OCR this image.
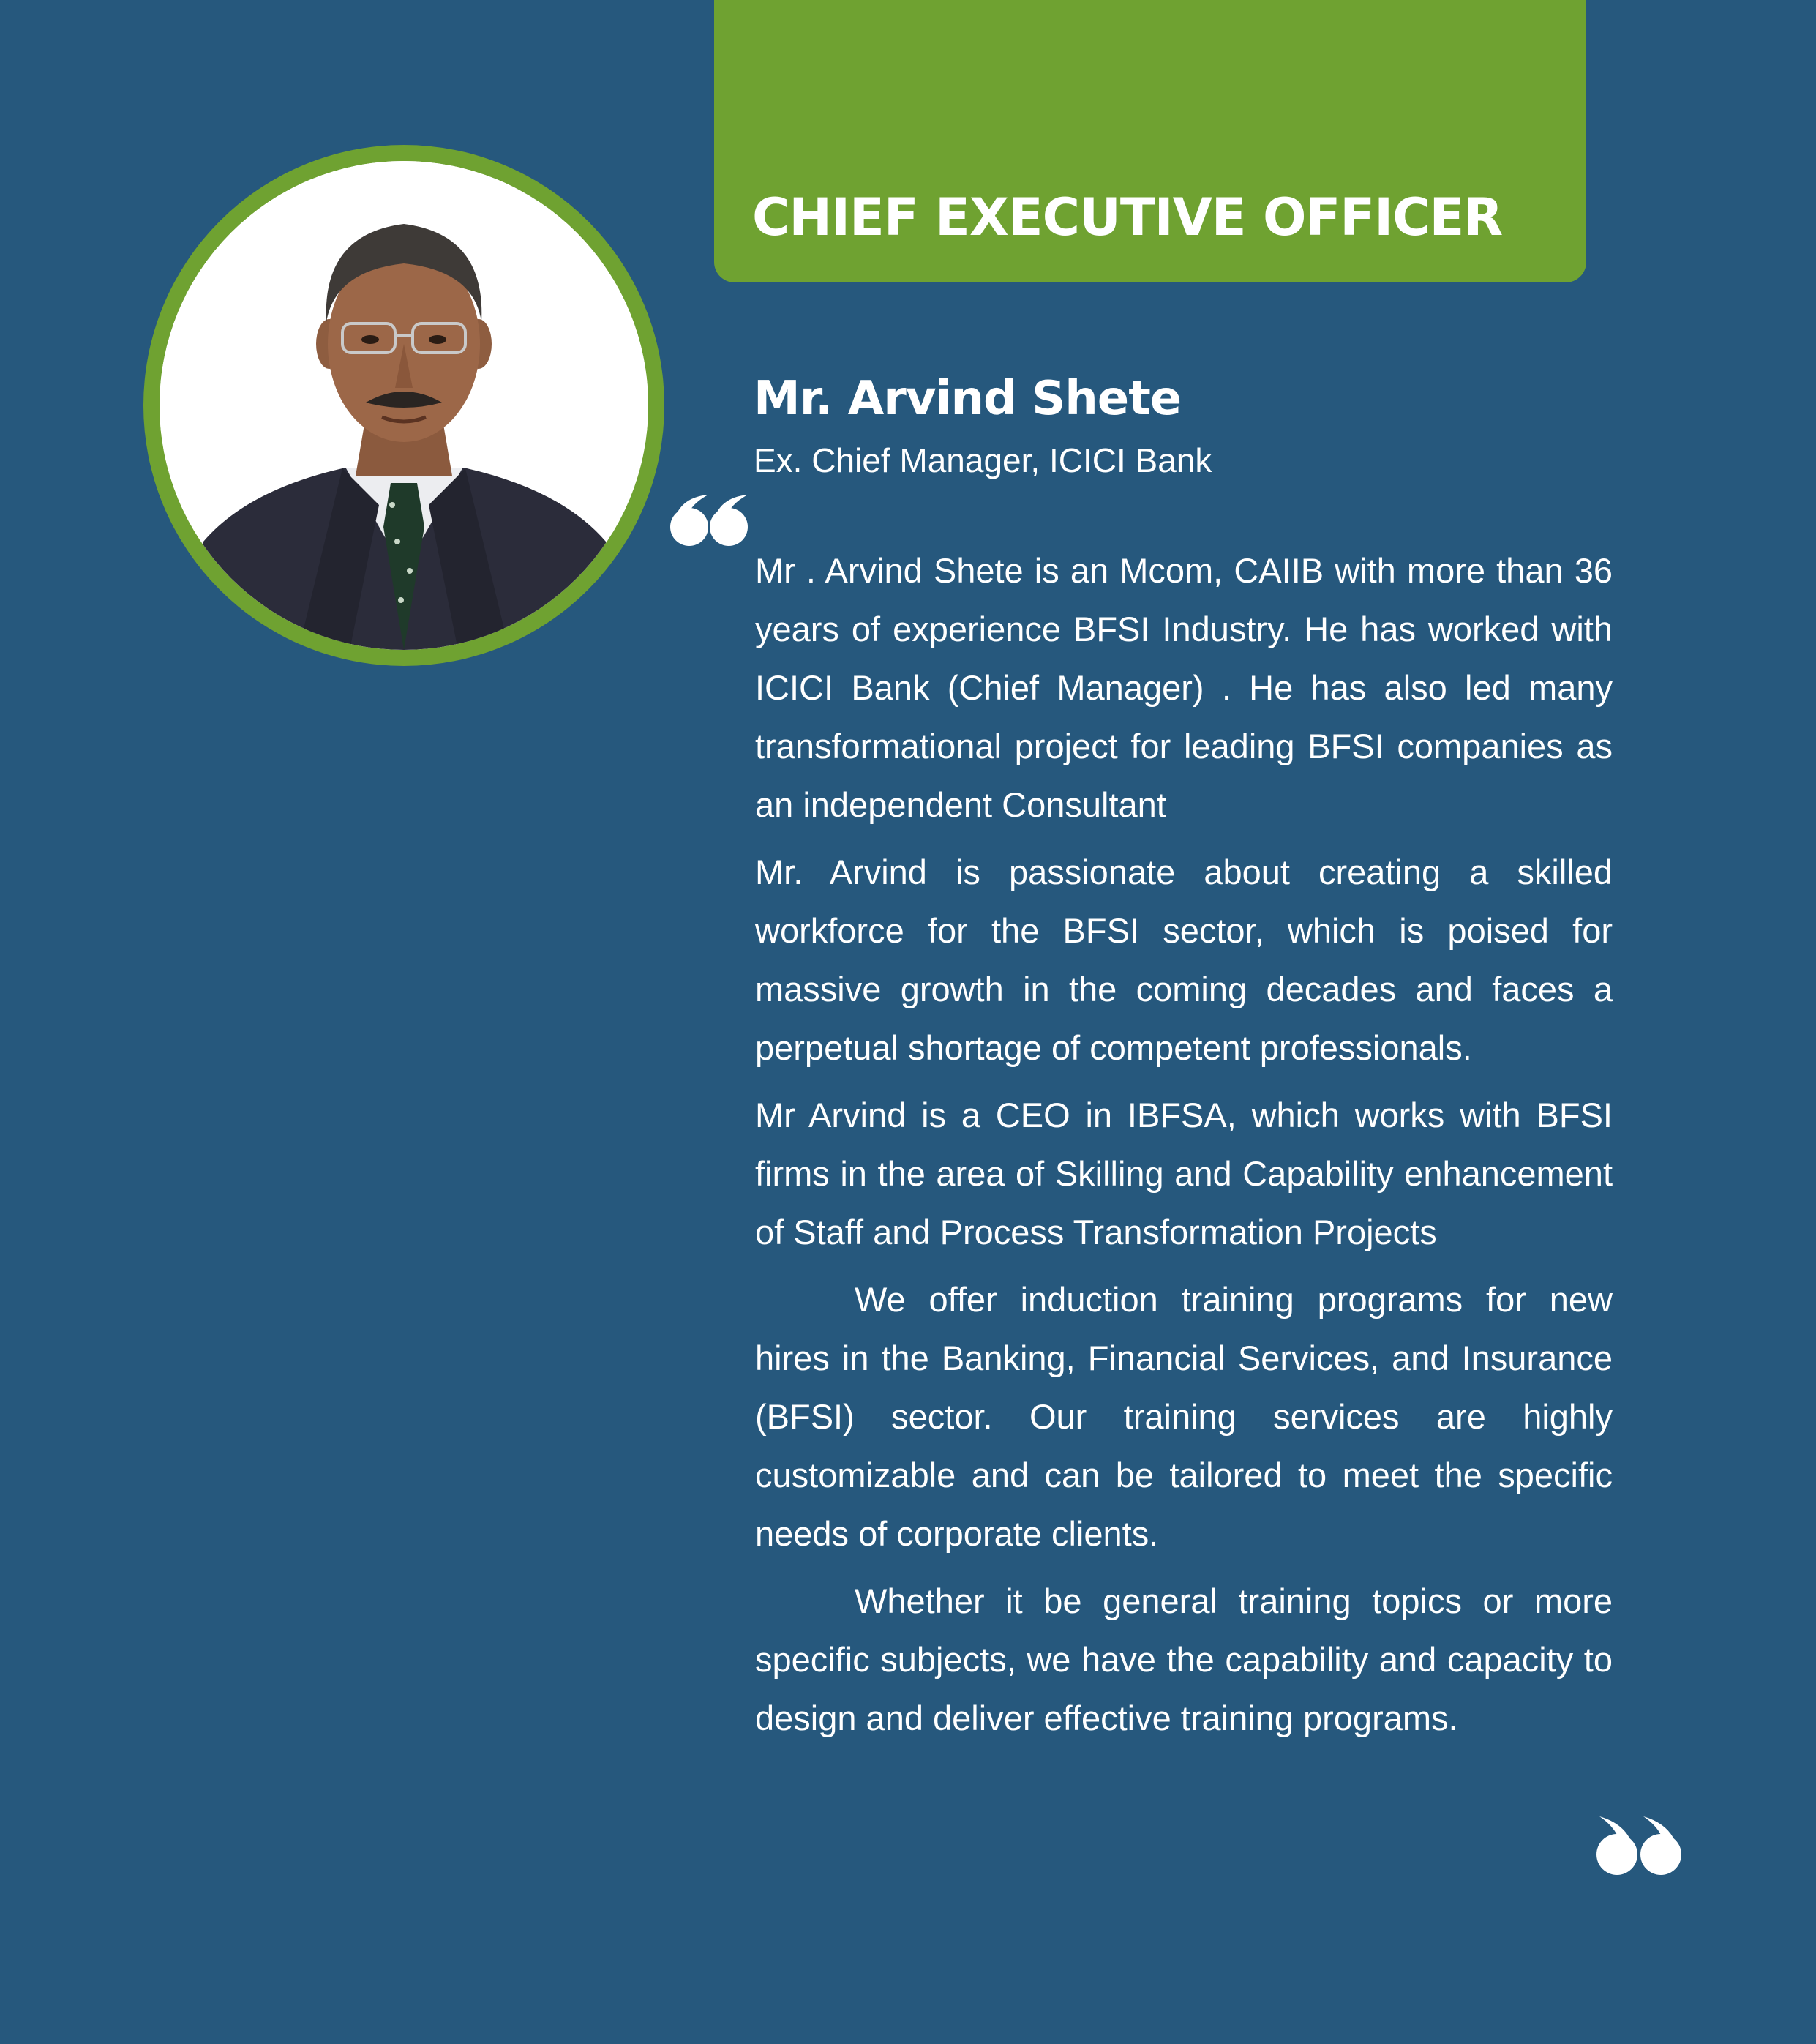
CHIEF EXECUTIVE OFFICER
Mr. Arvind Shete
Ex. Chief Manager, ICICI Bank

Mr . Arvind Shete is an Mcom, CAIIB with more than 36 years of experience BFSI Industry. He has worked with ICICI Bank (Chief Manager) . He has also led many transformational project for leading BFSI companies as an independent Consultant

Mr. Arvind is passionate about creating a skilled workforce for the BFSI sector, which is poised for massive growth in the coming decades and faces a perpetual shortage of competent professionals.

Mr Arvind is a CEO in IBFSA, which works with BFSI firms in the area of Skilling and Capability enhancement of Staff and Process Transformation Projects

We offer induction training programs for new hires in the Banking, Financial Services, and Insurance (BFSI) sector. Our training services are highly customizable and can be tailored to meet the specific needs of corporate clients.

Whether it be general training topics or more specific subjects, we have the capability and capacity to design and deliver effective training programs.
